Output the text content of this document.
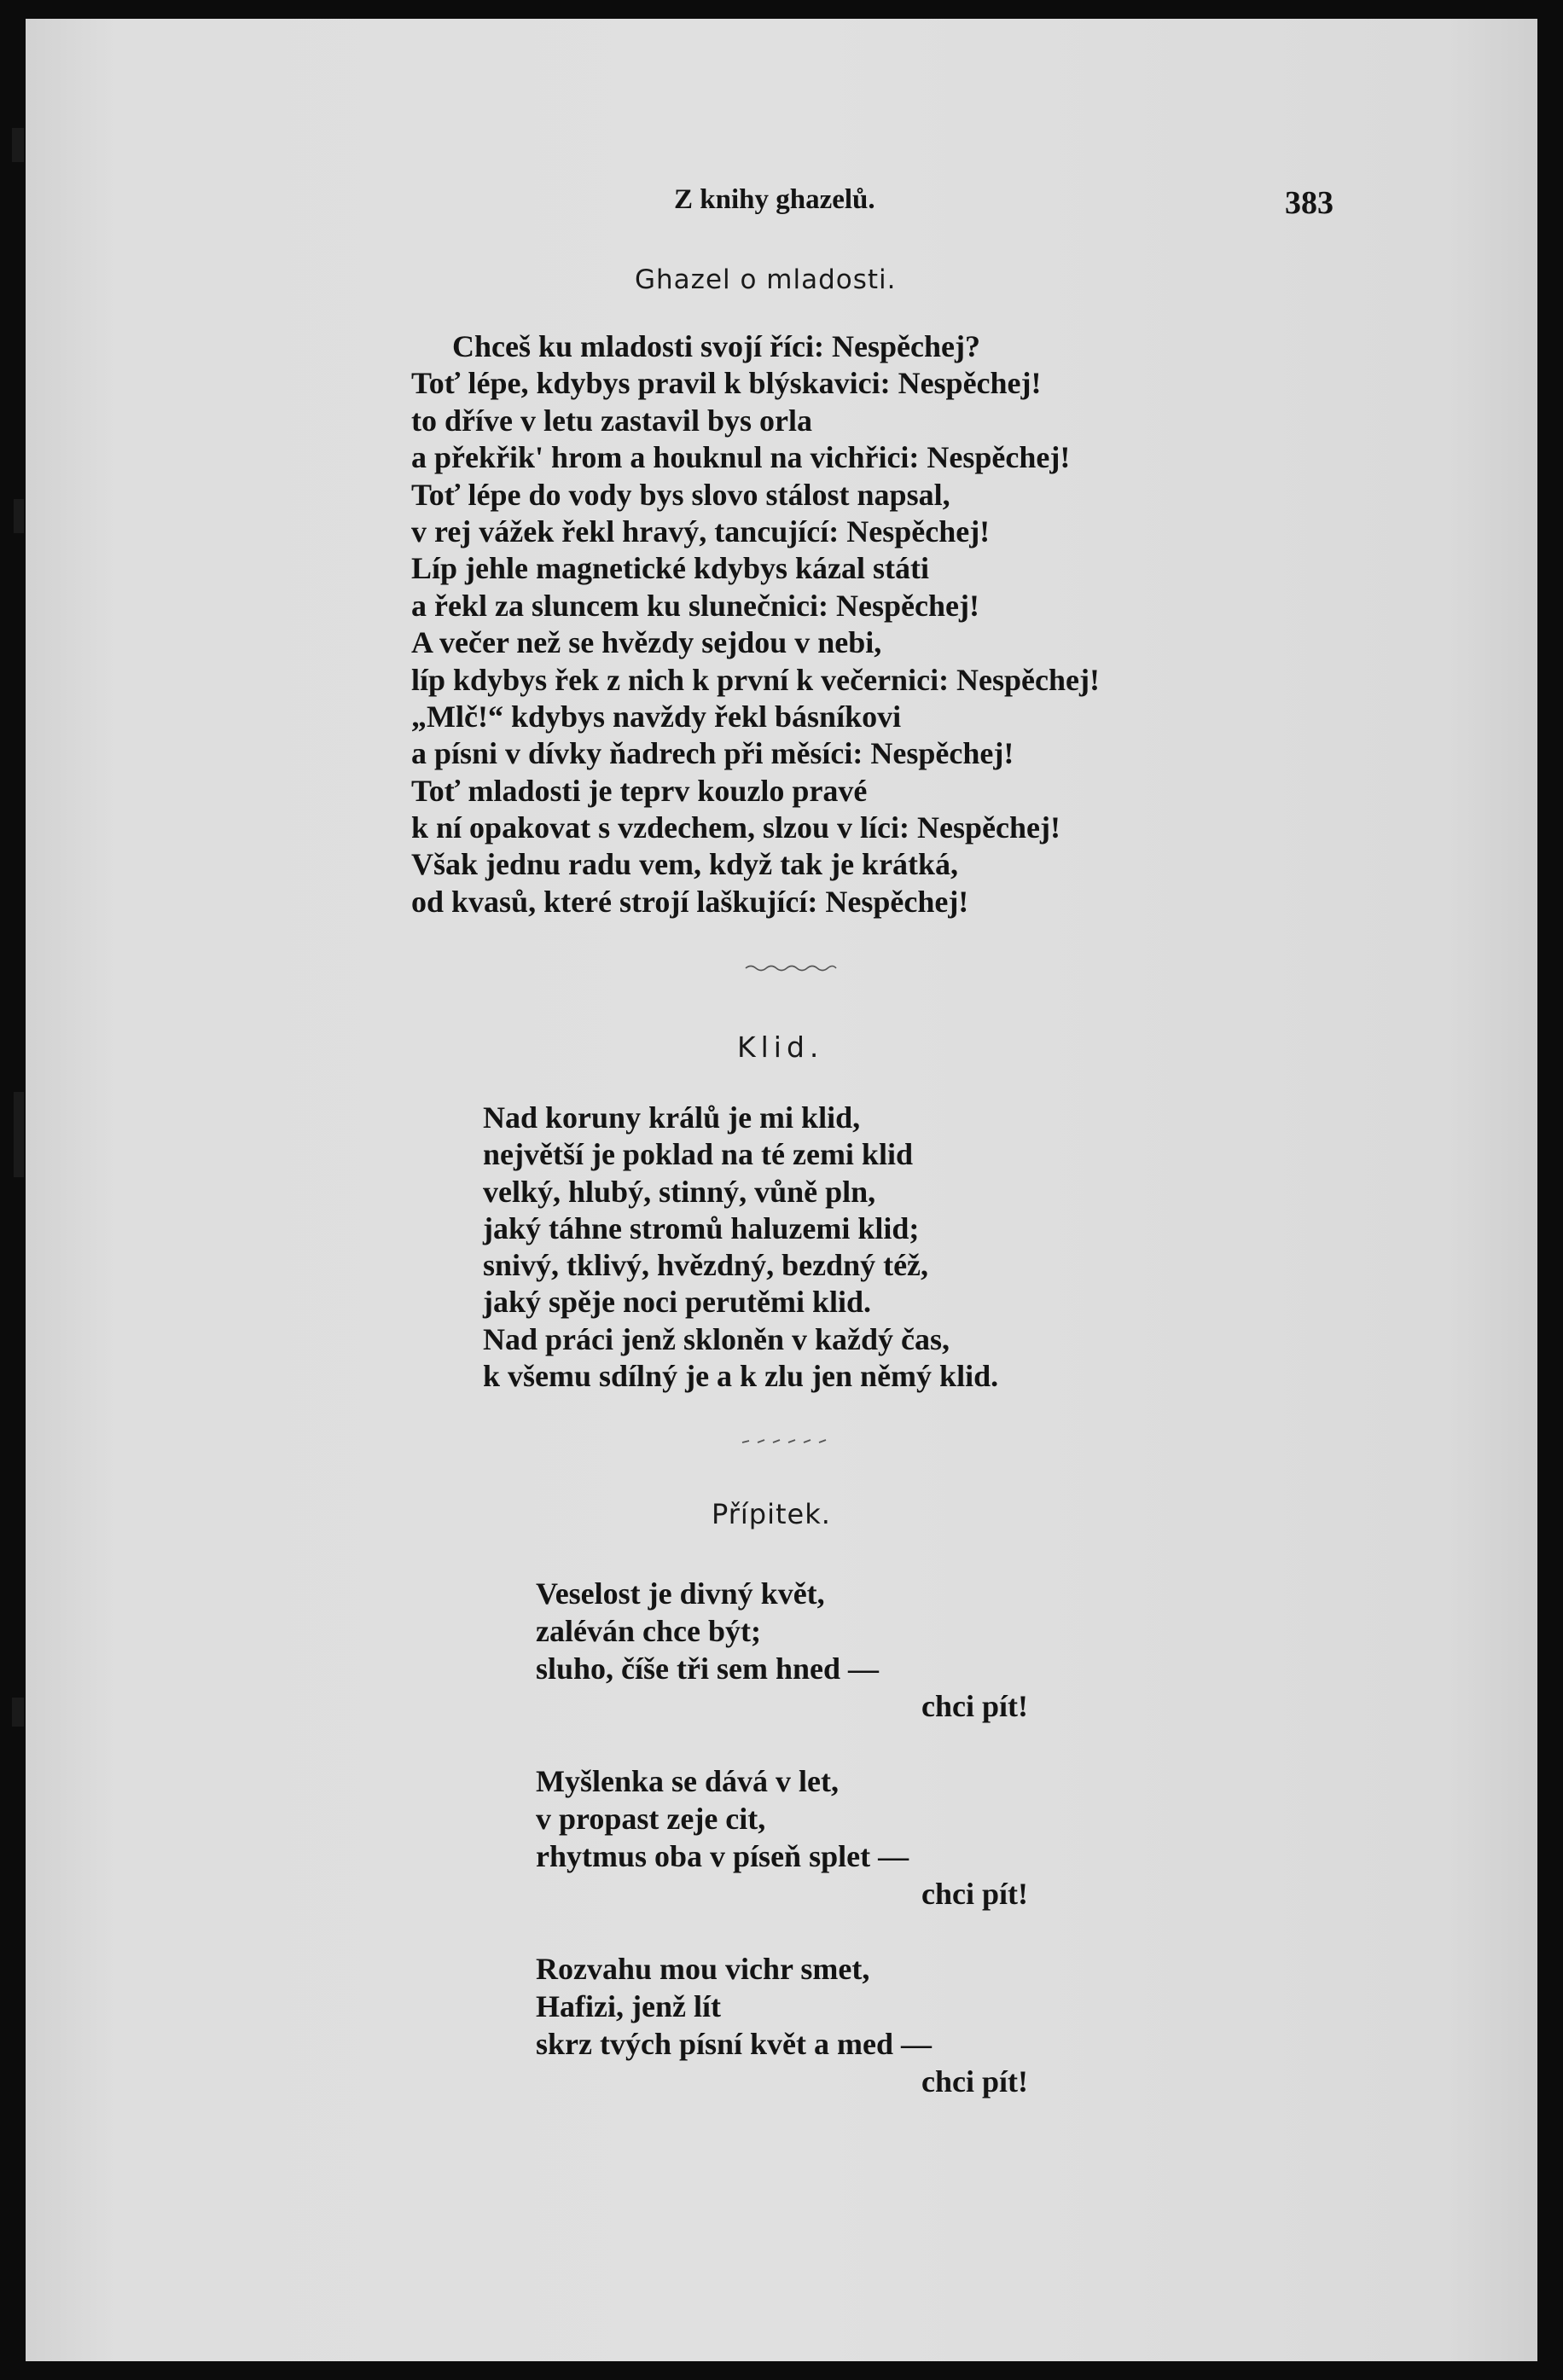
Z knihy ghazelů.	383
Ghazel o mladosti.
Chceš ku mladosti svojí říci: Nespěchej?
Toť lépe, kdybys pravil k blýskavici: Nespěchej!
to dříve v letu zastavil bys orla
a překřik' hrom a houknul na vichřici: Nespěchej!
Toť lépe do vody bys slovo stálost napsal,
v rej vážek řekl hravý, tancující: Nespěchej!
Líp jehle magnetické kdybys kázal státi
a řekl za sluncem ku slunečnici: Nespěchej!
A večer než se hvězdy sejdou v nebi,
líp kdybys řek z nich k první k večernici: Nespěchej!
„Mlč!“ kdybys navždy řekl básníkovi
a písni v dívky ňadrech při měsíci: Nespěchej!
Toť mladosti je teprv kouzlo pravé
k ní opakovat s vzdechem, slzou v líci: Nespěchej!
Však jednu radu vem, když tak je krátká,
od kvasů, které strojí laškující: Nespěchej!
Klid.
Nad koruny králů je mi klid,
největší je poklad na té zemi klid
velký, hlubý, stinný, vůně pln,
jaký táhne stromů haluzemi klid;
snivý, tklivý, hvězdný, bezdný též,
jaký spěje noci perutěmi klid.
Nad práci jenž skloněn v každý čas,
k všemu sdílný je a k zlu jen němý klid.
Přípitek.
Veselost je divný květ,
zaléván chce být;
sluho, číše tři sem hned —
chci pít!
Myšlenka se dává v let,
v propast zeje cit,
rhytmus oba v píseň splet —
chci pít!
Rozvahu mou vichr smet,
Hafizi, jenž lít
skrz tvých písní květ a med —
chci pít!
